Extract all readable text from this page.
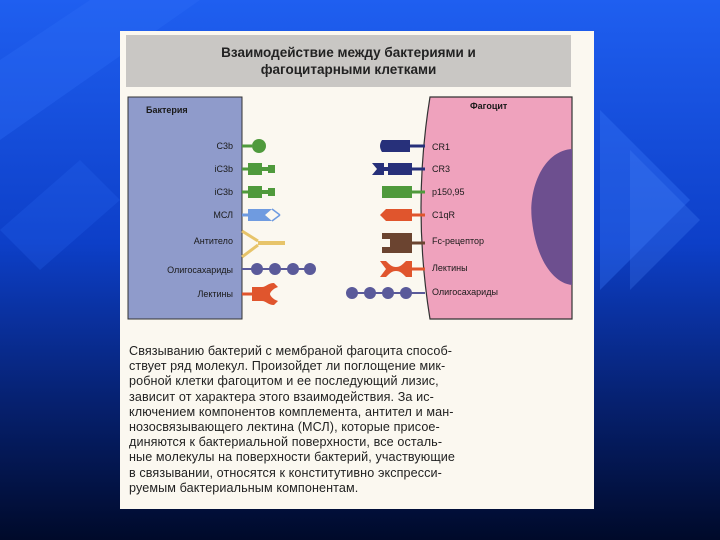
Взаимодействие между бактериями и
фагоцитарными клетками
Бактерия	Фагоцит
C3b
iC3b
iC3b
МСЛ
Антитело
Олигосахариды
Лектины
CR1
CR3
p150,95
C1qR
Fc-рецептор
Лектины
Олигосахариды
Связыванию бактерий с мембраной фагоцита способ-
ствует ряд молекул. Произойдет ли поглощение мик-
робной клетки фагоцитом и ее последующий лизис,
зависит от характера этого взаимодействия. За ис-
ключением компонентов комплемента, антител и ман-
нозосвязывающего лектина (МСЛ), которые присое-
диняются к бактериальной поверхности, все осталь-
ные молекулы на поверхности бактерий, участвующие
в связывании, относятся к конститутивно экспресси-
руемым бактериальным компонентам.
